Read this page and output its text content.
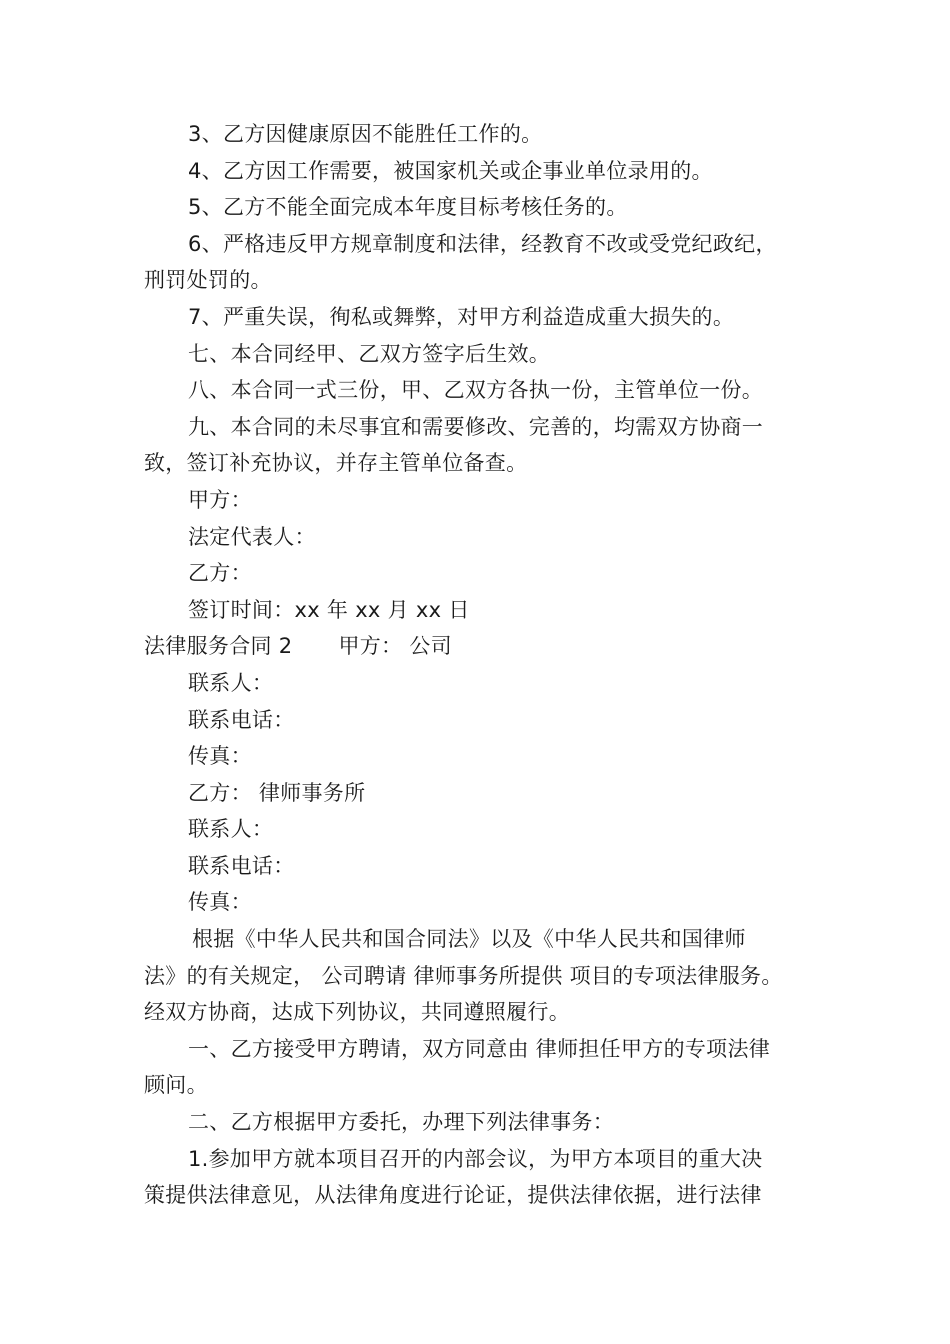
3、乙方因健康原因不能胜任工作的。
4、乙方因工作需要，被国家机关或企事业单位录用的。
5、乙方不能全面完成本年度目标考核任务的。
6、严格违反甲方规章制度和法律，经教育不改或受党纪政纪，
刑罚处罚的。
7、严重失误，徇私或舞弊，对甲方利益造成重大损失的。
七、本合同经甲、乙双方签字后生效。
八、本合同一式三份，甲、乙双方各执一份，主管单位一份。
九、本合同的未尽事宜和需要修改、完善的，均需双方协商一
致，签订补充协议，并存主管单位备查。
甲方：
法定代表人：
乙方：
签订时间：xx 年 xx 月 xx 日
法律服务合同 2 甲方： 公司
联系人：
联系电话：
传真：
乙方： 律师事务所
联系人：
联系电话：
传真：
根据《中华人民共和国合同法》以及《中华人民共和国律师
法》的有关规定， 公司聘请 律师事务所提供 项目的专项法律服务。
经双方协商，达成下列协议，共同遵照履行。
一、乙方接受甲方聘请，双方同意由 律师担任甲方的专项法律
顾问。
二、乙方根据甲方委托，办理下列法律事务：
1.参加甲方就本项目召开的内部会议，为甲方本项目的重大决
策提供法律意见，从法律角度进行论证，提供法律依据，进行法律
